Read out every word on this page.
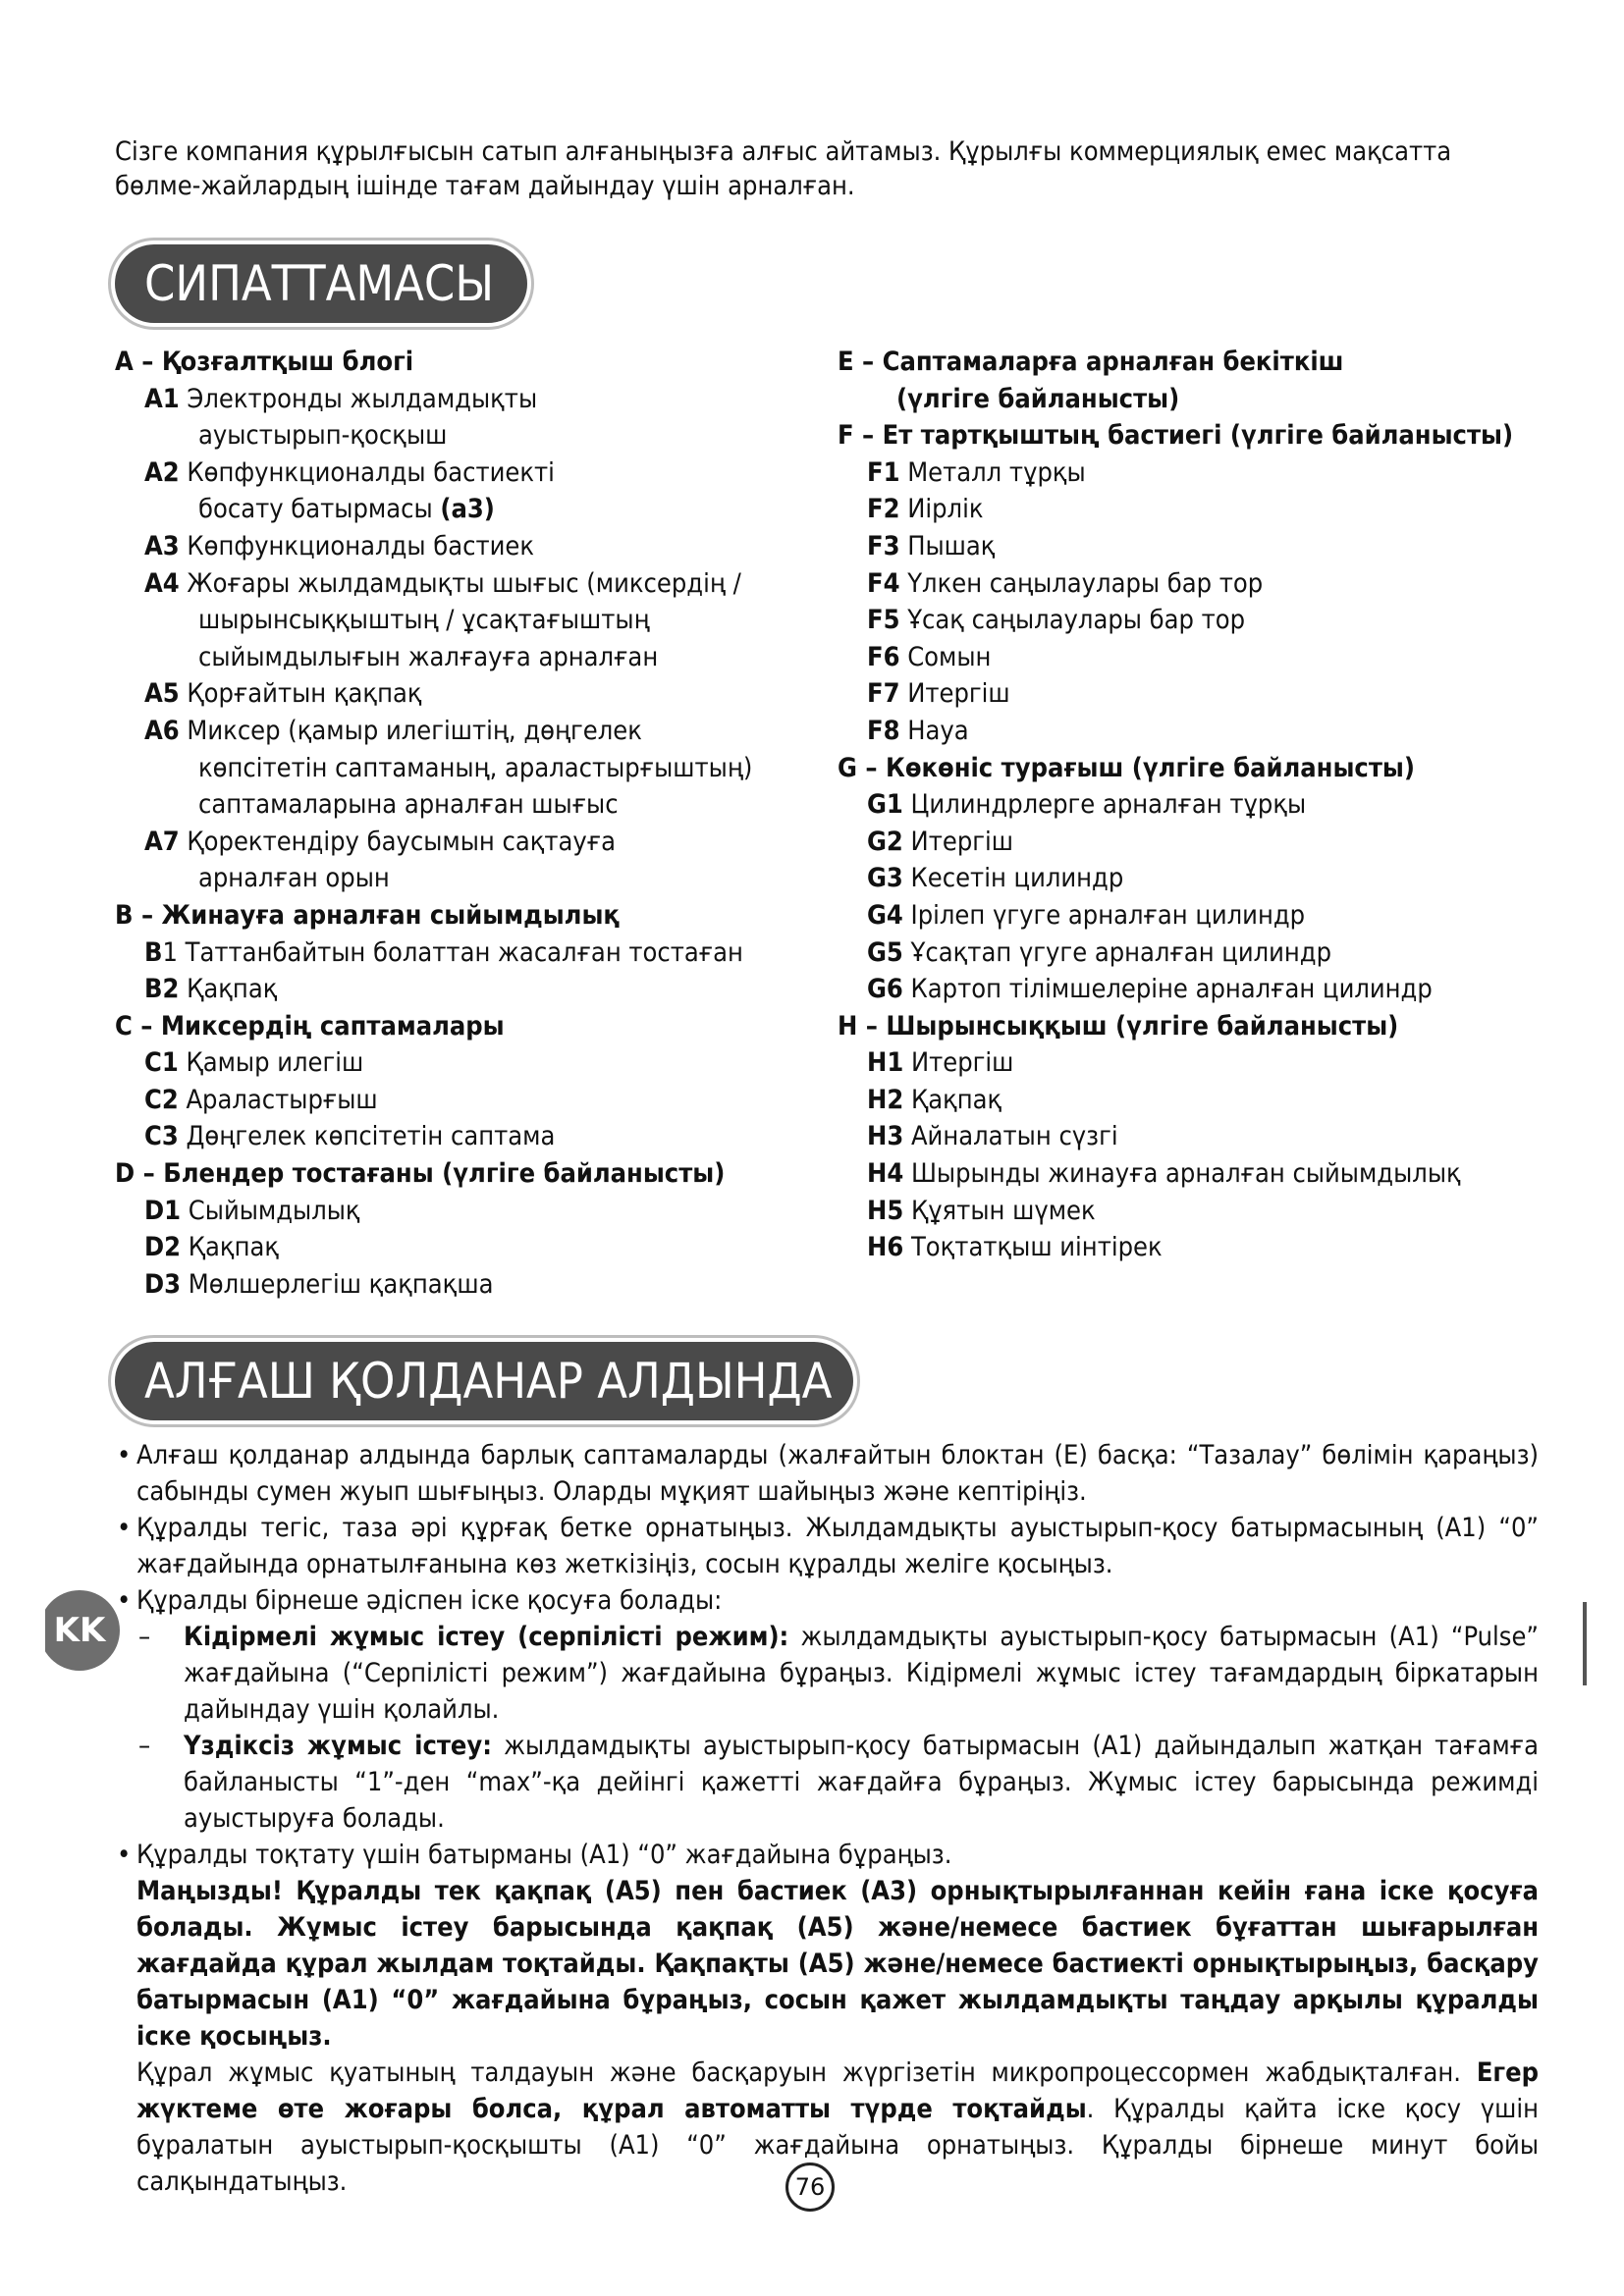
Сізге компания құрылғысын сатып алғаныңызға алғыс айтамыз. Құрылғы коммерциялық емес мақсатта

бөлме-жайлардың ішінде тағам дайындау үшін арналған.

СИПАТТАМАСЫ
A – Қозғалтқыш блогі
A1 Электронды жылдамдықты
ауыстырып-қосқыш
A2 Көпфункционалды бастиекті
босату батырмасы (a3)
A3 Көпфункционалды бастиек
A4 Жоғары жылдамдықты шығыс (миксердің /
шырынсыққыштың / ұсақтағыштың
сыйымдылығын жалғауға арналған
A5 Қорғайтын қақпақ
A6 Миксер (қамыр илегіштің, дөңгелек
көпсітетін саптаманың, араластырғыштың)
саптамаларына арналған шығыс
A7 Қоректендіру баусымын сақтауға
арналған орын
B – Жинауға арналған сыйымдылық
B1 Таттанбайтын болаттан жасалған тостаған
B2 Қақпақ
C – Миксердің саптамалары
C1 Қамыр илегіш
C2 Араластырғыш
C3 Дөңгелек көпсітетін саптама
D – Блендер тостағаны (үлгіге байланысты)
D1 Сыйымдылық
D2 Қақпақ
D3 Мөлшерлегіш қақпақша
E – Саптамаларға арналған бекіткіш
(үлгіге байланысты)
F – Ет тартқыштың бастиегі (үлгіге байланысты)
F1 Металл тұрқы
F2 Иірлік
F3 Пышақ
F4 Үлкен саңылаулары бар тор
F5 Ұсақ саңылаулары бар тор
F6 Сомын
F7 Итергіш
F8 Науа
G – Көкөніс турағыш (үлгіге байланысты)
G1 Цилиндрлерге арналған тұрқы
G2 Итергіш
G3 Кесетін цилиндр
G4 Ірілеп үгуге арналған цилиндр
G5 Ұсақтап үгуге арналған цилиндр
G6 Картоп тілімшелеріне арналған цилиндр
H – Шырынсыққыш (үлгіге байланысты)
H1 Итергіш
H2 Қақпақ
H3 Айналатын сүзгі
H4 Шырынды жинауға арналған сыйымдылық
H5 Құятын шүмек
H6 Тоқтатқыш иінтірек
АЛҒАШ ҚОЛДАНАР АЛДЫНДА
• Алғаш қолданар алдында барлық саптамаларды (жалғайтын блоктан (E) басқа: “Тазалау” бөлімін қараңыз) сабынды сумен жуып шығыңыз. Оларды мұқият шайыңыз және кептіріңіз.
• Құралды тегіс, таза әрі құрғақ бетке орнатыңыз. Жылдамдықты ауыстырып-қосу батырмасының (A1) “0” жағдайында орнатылғанына көз жеткізіңіз, сосын құралды желіге қосыңыз.
• Құралды бірнеше әдіспен іске қосуға болады:
– Кідірмелі жұмыс істеу (серпілісті режим): жылдамдықты ауыстырып-қосу батырмасын (A1) “Pulse” жағдайына (“Серпілісті режим”) жағдайына бұраңыз. Кідірмелі жұмыс істеу тағамдардың біркатарын дайындау үшін қолайлы.
– Үздіксіз жұмыс істеу: жылдамдықты ауыстырып-қосу батырмасын (A1) дайындалып жатқан тағамға байланысты “1”-ден “max”-қа дейінгі қажетті жағдайға бұраңыз. Жұмыс істеу барысында режимді ауыстыруға болады.
• Құралды тоқтату үшін батырманы (A1) “0” жағдайына бұраңыз.
Маңызды! Құралды тек қақпақ (A5) пен бастиек (A3) орнықтырылғаннан кейін ғана іске қосуға болады. Жұмыс істеу барысында қақпақ (A5) және/немесе бастиек бұғаттан шығарылған жағдайда құрал жылдам тоқтайды. Қақпақты (A5) және/немесе бастиекті орнықтырыңыз, басқару батырмасын (A1) “0” жағдайына бұраңыз, сосын қажет жылдамдықты таңдау арқылы құралды іске қосыңыз.
Құрал жұмыс қуатының талдауын және басқаруын жүргізетін микропроцессормен жабдықталған. Егер жүктеме өте жоғары болса, құрал автоматты түрде тоқтайды. Құралды қайта іске қосу үшін бұралатын ауыстырып-қосқышты (A1) “0” жағдайына орнатыңыз. Құралды бірнеше минут бойы салқындатыңыз.
KK
76
